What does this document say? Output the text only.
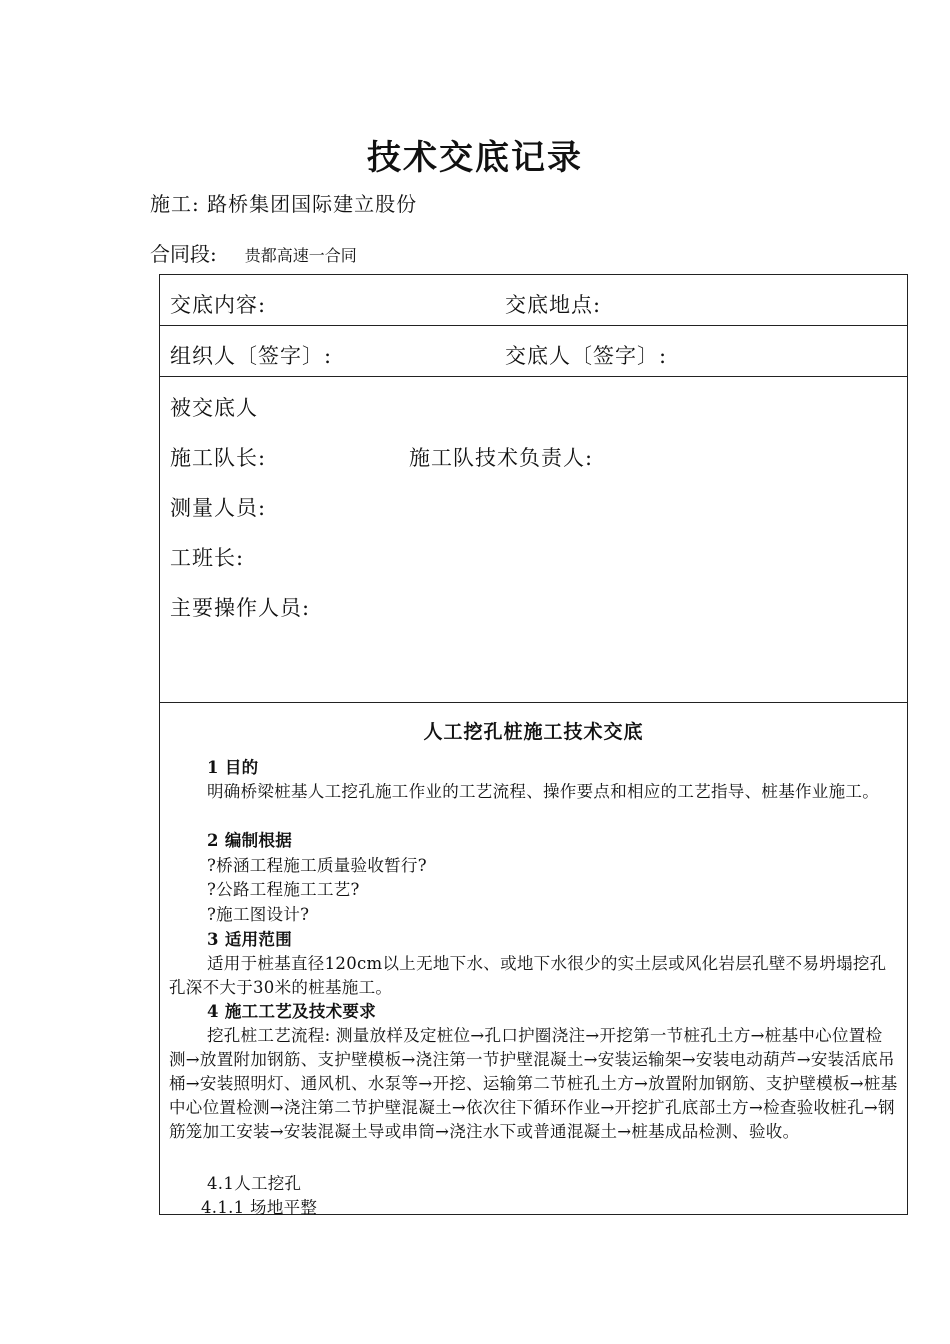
技术交底记录
施工: 路桥集团国际建立股份
合同段: 贵都高速一合同
交底内容:	交底地点:
组织人〔签字〕:	交底人〔签字〕:
被交底人
施工队长:	施工队技术负责人:
测量人员:
工班长:
主要操作人员:
人工挖孔桩施工技术交底
1 目的
明确桥梁桩基人工挖孔施工作业的工艺流程、操作要点和相应的工艺指导、桩基作业施工。
2 编制根据
?桥涵工程施工质量验收暂行?
?公路工程施工工艺?
?施工图设计?
3 适用范围
适用于桩基直径120cm以上无地下水、或地下水很少的实土层或风化岩层孔壁不易坍塌挖孔孔深不大于30米的桩基施工。
4 施工工艺及技术要求
挖孔桩工艺流程: 测量放样及定桩位→孔口护圈浇注→开挖第一节桩孔土方→桩基中心位置检测→放置附加钢筋、支护壁模板→浇注第一节护壁混凝土→安装运输架→安装电动葫芦→安装活底吊桶→安装照明灯、通风机、水泵等→开挖、运输第二节桩孔土方→放置附加钢筋、支护壁模板→桩基中心位置检测→浇注第二节护壁混凝土→依次往下循环作业→开挖扩孔底部土方→检查验收桩孔→钢筋笼加工安装→安装混凝土导或串筒→浇注水下或普通混凝土→桩基成品检测、验收。
4.1人工挖孔
4.1.1 场地平整
